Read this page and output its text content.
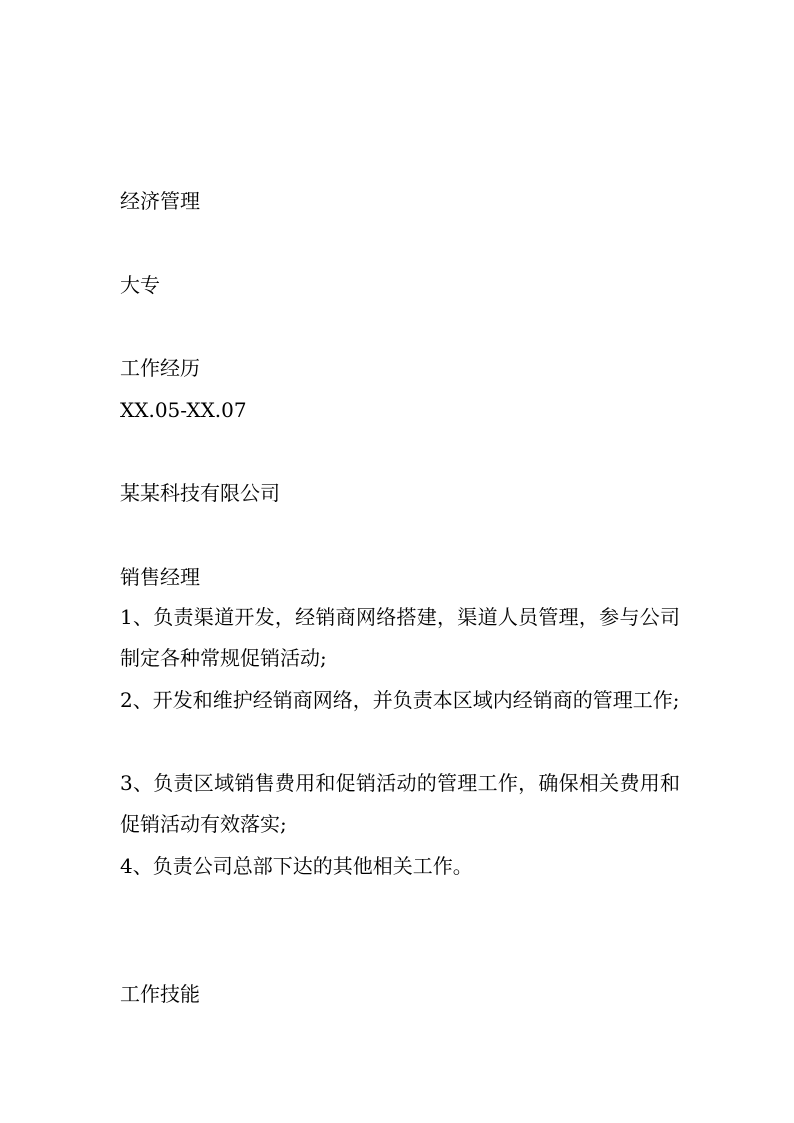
经济管理
大专
工作经历
XX.05-XX.07
某某科技有限公司
销售经理
1、负责渠道开发，经销商网络搭建，渠道人员管理，参与公司制定各种常规促销活动;
2、开发和维护经销商网络，并负责本区域内经销商的管理工作;
3、负责区域销售费用和促销活动的管理工作，确保相关费用和促销活动有效落实;
4、负责公司总部下达的其他相关工作。
工作技能
